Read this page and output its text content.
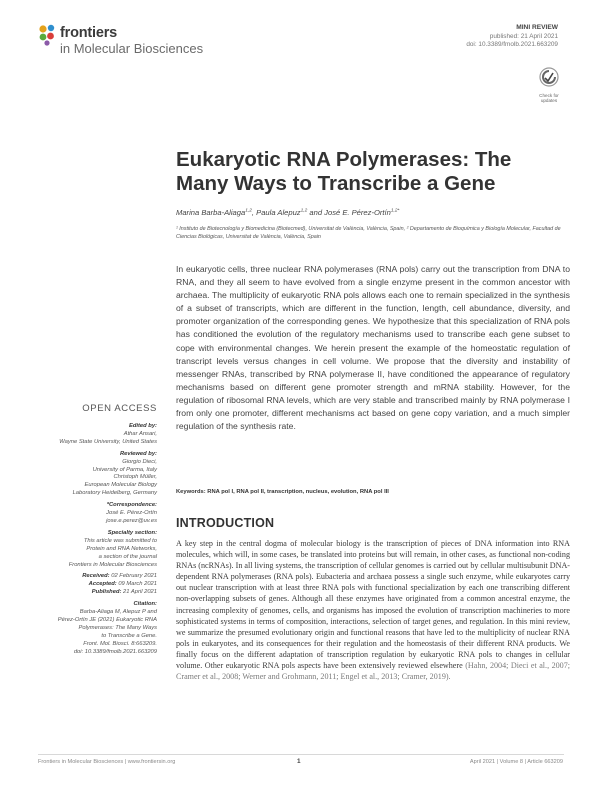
frontiers
in Molecular Biosciences
MINI REVIEW
published: 21 April 2021
doi: 10.3389/fmolb.2021.663209
Check for
updates
Eukaryotic RNA Polymerases: The Many Ways to Transcribe a Gene
Marina Barba-Aliaga$^{1,2}$, Paula Alepuz$^{1,2}$ and José E. Pérez-Ortín$^{1,2*}$
¹ Instituto de Biotecnología y Biomedicina (Biotecmed), Universitat de València, València, Spain, ² Departamento de Bioquímica y Biología Molecular, Facultad de Ciencias Biológicas, Universitat de València, València, Spain
In eukaryotic cells, three nuclear RNA polymerases (RNA pols) carry out the transcription from DNA to RNA, and they all seem to have evolved from a single enzyme present in the common ancestor with archaea. The multiplicity of eukaryotic RNA pols allows each one to remain specialized in the synthesis of a subset of transcripts, which are different in the function, length, cell abundance, diversity, and promoter organization of the corresponding genes. We hypothesize that this specialization of RNA pols has conditioned the evolution of the regulatory mechanisms used to transcribe each gene subset to cope with environmental changes. We herein present the example of the homeostatic regulation of transcript levels versus changes in cell volume. We propose that the diversity and instability of messenger RNAs, transcribed by RNA polymerase II, have conditioned the appearance of regulatory mechanisms based on different gene promoter strength and mRNA stability. However, for the regulation of ribosomal RNA levels, which are very stable and transcribed mainly by RNA polymerase I from only one promoter, different mechanisms act based on gene copy variation, and a much simpler regulation of the synthesis rate.
Keywords: RNA pol I, RNA pol II, transcription, nucleus, evolution, RNA pol III
OPEN ACCESS
Edited by:
Athar Ansari,
Wayne State University, United States
Reviewed by:
Giorgio Dieci,
University of Parma, Italy
Christoph Müller,
European Molecular Biology
Laboratory Heidelberg, Germany
*Correspondence:
José E. Pérez-Ortín
jose.e.perez@uv.es
Specialty section:
This article was submitted to
Protein and RNA Networks,
a section of the journal
Frontiers in Molecular Biosciences
Received: 02 February 2021
Accepted: 09 March 2021
Published: 21 April 2021
Citation:
Barba-Aliaga M, Alepuz P and
Pérez-Ortín JE (2021) Eukaryotic RNA
Polymerases: The Many Ways
to Transcribe a Gene.
Front. Mol. Biosci. 8:663209.
doi: 10.3389/fmolb.2021.663209
INTRODUCTION
A key step in the central dogma of molecular biology is the transcription of pieces of DNA information into RNA molecules, which will, in some cases, be translated into proteins but will remain, in other cases, as functional non-coding RNAs (ncRNAs). In all living systems, the transcription of cellular genomes is carried out by cellular multisubunit DNA-dependent RNA polymerases (RNA pols). Eubacteria and archaea possess a single such enzyme, while eukaryotes carry out nuclear transcription with at least three RNA pols with functional specialization by each one transcribing different non-overlapping subsets of genes. Although all these enzymes have originated from a common ancestral enzyme, the increasing complexity of genomes, cells, and organisms has imposed the evolution of transcription machineries to more sophisticated systems in terms of composition, interactions, selection of target genes, and regulation. In this mini review, we summarize the presumed evolutionary origin and functional reasons that have led to the multiplicity of nuclear RNA pols in eukaryotes, and its consequences for their regulation and the homeostasis of their different RNA products. We finally focus on the different adaptation of transcription regulation by eukaryotic RNA pols to changes in cellular volume. Other eukaryotic RNA pols aspects have been extensively reviewed elsewhere (Hahn, 2004; Dieci et al., 2007; Cramer et al., 2008; Werner and Grohmann, 2011; Engel et al., 2013; Cramer, 2019).
Frontiers in Molecular Biosciences | www.frontiersin.org	1	April 2021 | Volume 8 | Article 663209
